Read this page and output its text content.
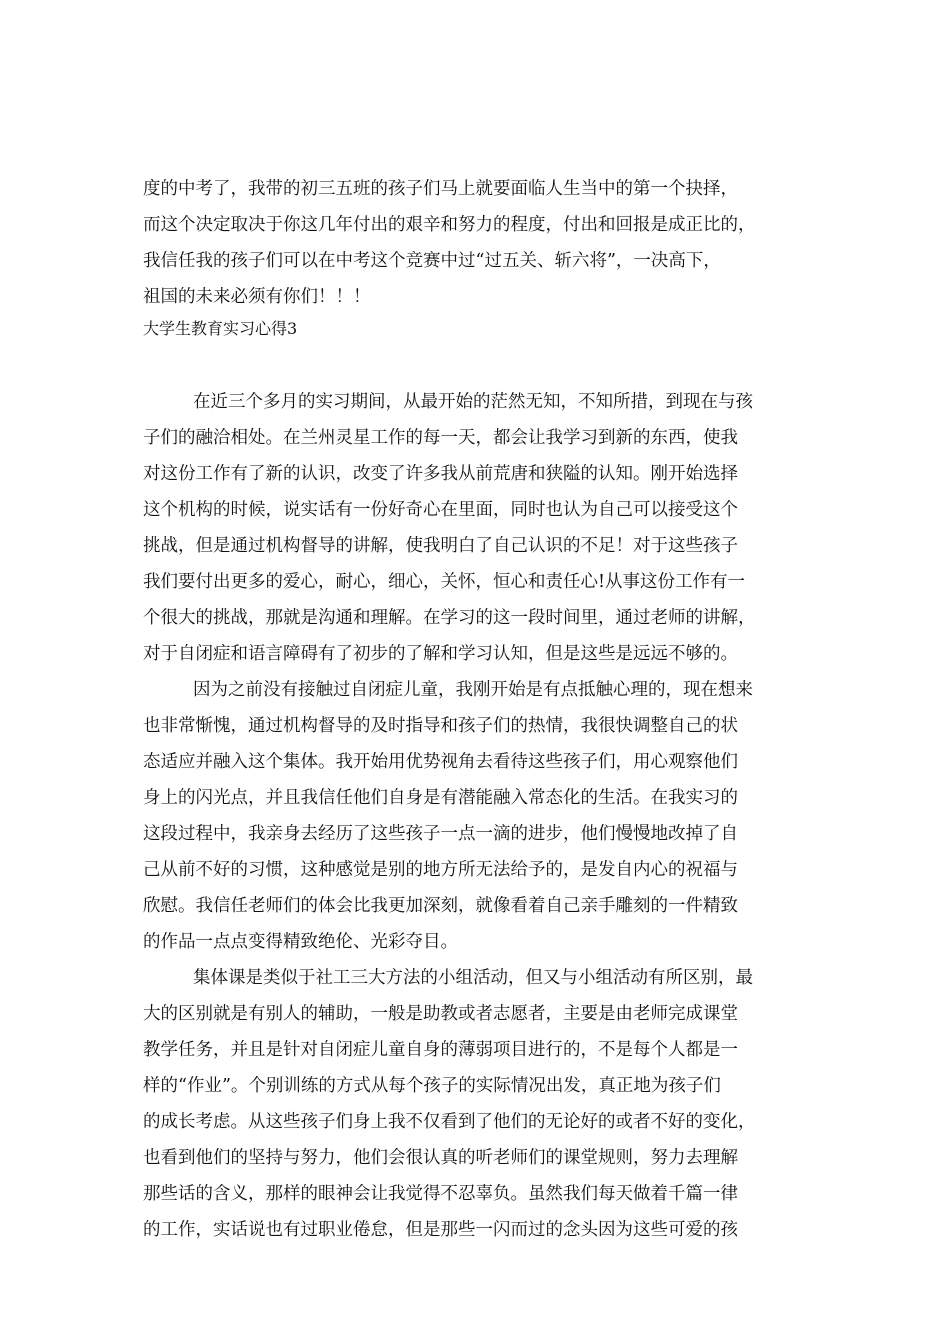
度的中考了，我带的初三五班的孩子们马上就要面临人生当中的第一个抉择，
而这个决定取决于你这几年付出的艰辛和努力的程度，付出和回报是成正比的，
我信任我的孩子们可以在中考这个竞赛中过“过五关、斩六将”，一决高下，
祖国的未来必须有你们！！！
大学生教育实习心得3
在近三个多月的实习期间，从最开始的茫然无知，不知所措，到现在与孩
子们的融洽相处。在兰州灵星工作的每一天，都会让我学习到新的东西，使我
对这份工作有了新的认识，改变了许多我从前荒唐和狭隘的认知。刚开始选择
这个机构的时候，说实话有一份好奇心在里面，同时也认为自己可以接受这个
挑战，但是通过机构督导的讲解，使我明白了自己认识的不足！对于这些孩子
我们要付出更多的爱心，耐心，细心，关怀，恒心和责任心!从事这份工作有一
个很大的挑战，那就是沟通和理解。在学习的这一段时间里，通过老师的讲解，
对于自闭症和语言障碍有了初步的了解和学习认知，但是这些是远远不够的。
因为之前没有接触过自闭症儿童，我刚开始是有点抵触心理的，现在想来
也非常惭愧，通过机构督导的及时指导和孩子们的热情，我很快调整自己的状
态适应并融入这个集体。我开始用优势视角去看待这些孩子们，用心观察他们
身上的闪光点，并且我信任他们自身是有潜能融入常态化的生活。在我实习的
这段过程中，我亲身去经历了这些孩子一点一滴的进步，他们慢慢地改掉了自
己从前不好的习惯，这种感觉是别的地方所无法给予的，是发自内心的祝福与
欣慰。我信任老师们的体会比我更加深刻，就像看着自己亲手雕刻的一件精致
的作品一点点变得精致绝伦、光彩夺目。
集体课是类似于社工三大方法的小组活动，但又与小组活动有所区别，最
大的区别就是有别人的辅助，一般是助教或者志愿者，主要是由老师完成课堂
教学任务，并且是针对自闭症儿童自身的薄弱项目进行的，不是每个人都是一
样的“作业”。个别训练的方式从每个孩子的实际情况出发，真正地为孩子们
的成长考虑。从这些孩子们身上我不仅看到了他们的无论好的或者不好的变化，
也看到他们的坚持与努力，他们会很认真的听老师们的课堂规则，努力去理解
那些话的含义，那样的眼神会让我觉得不忍辜负。虽然我们每天做着千篇一律
的工作，实话说也有过职业倦怠，但是那些一闪而过的念头因为这些可爱的孩
